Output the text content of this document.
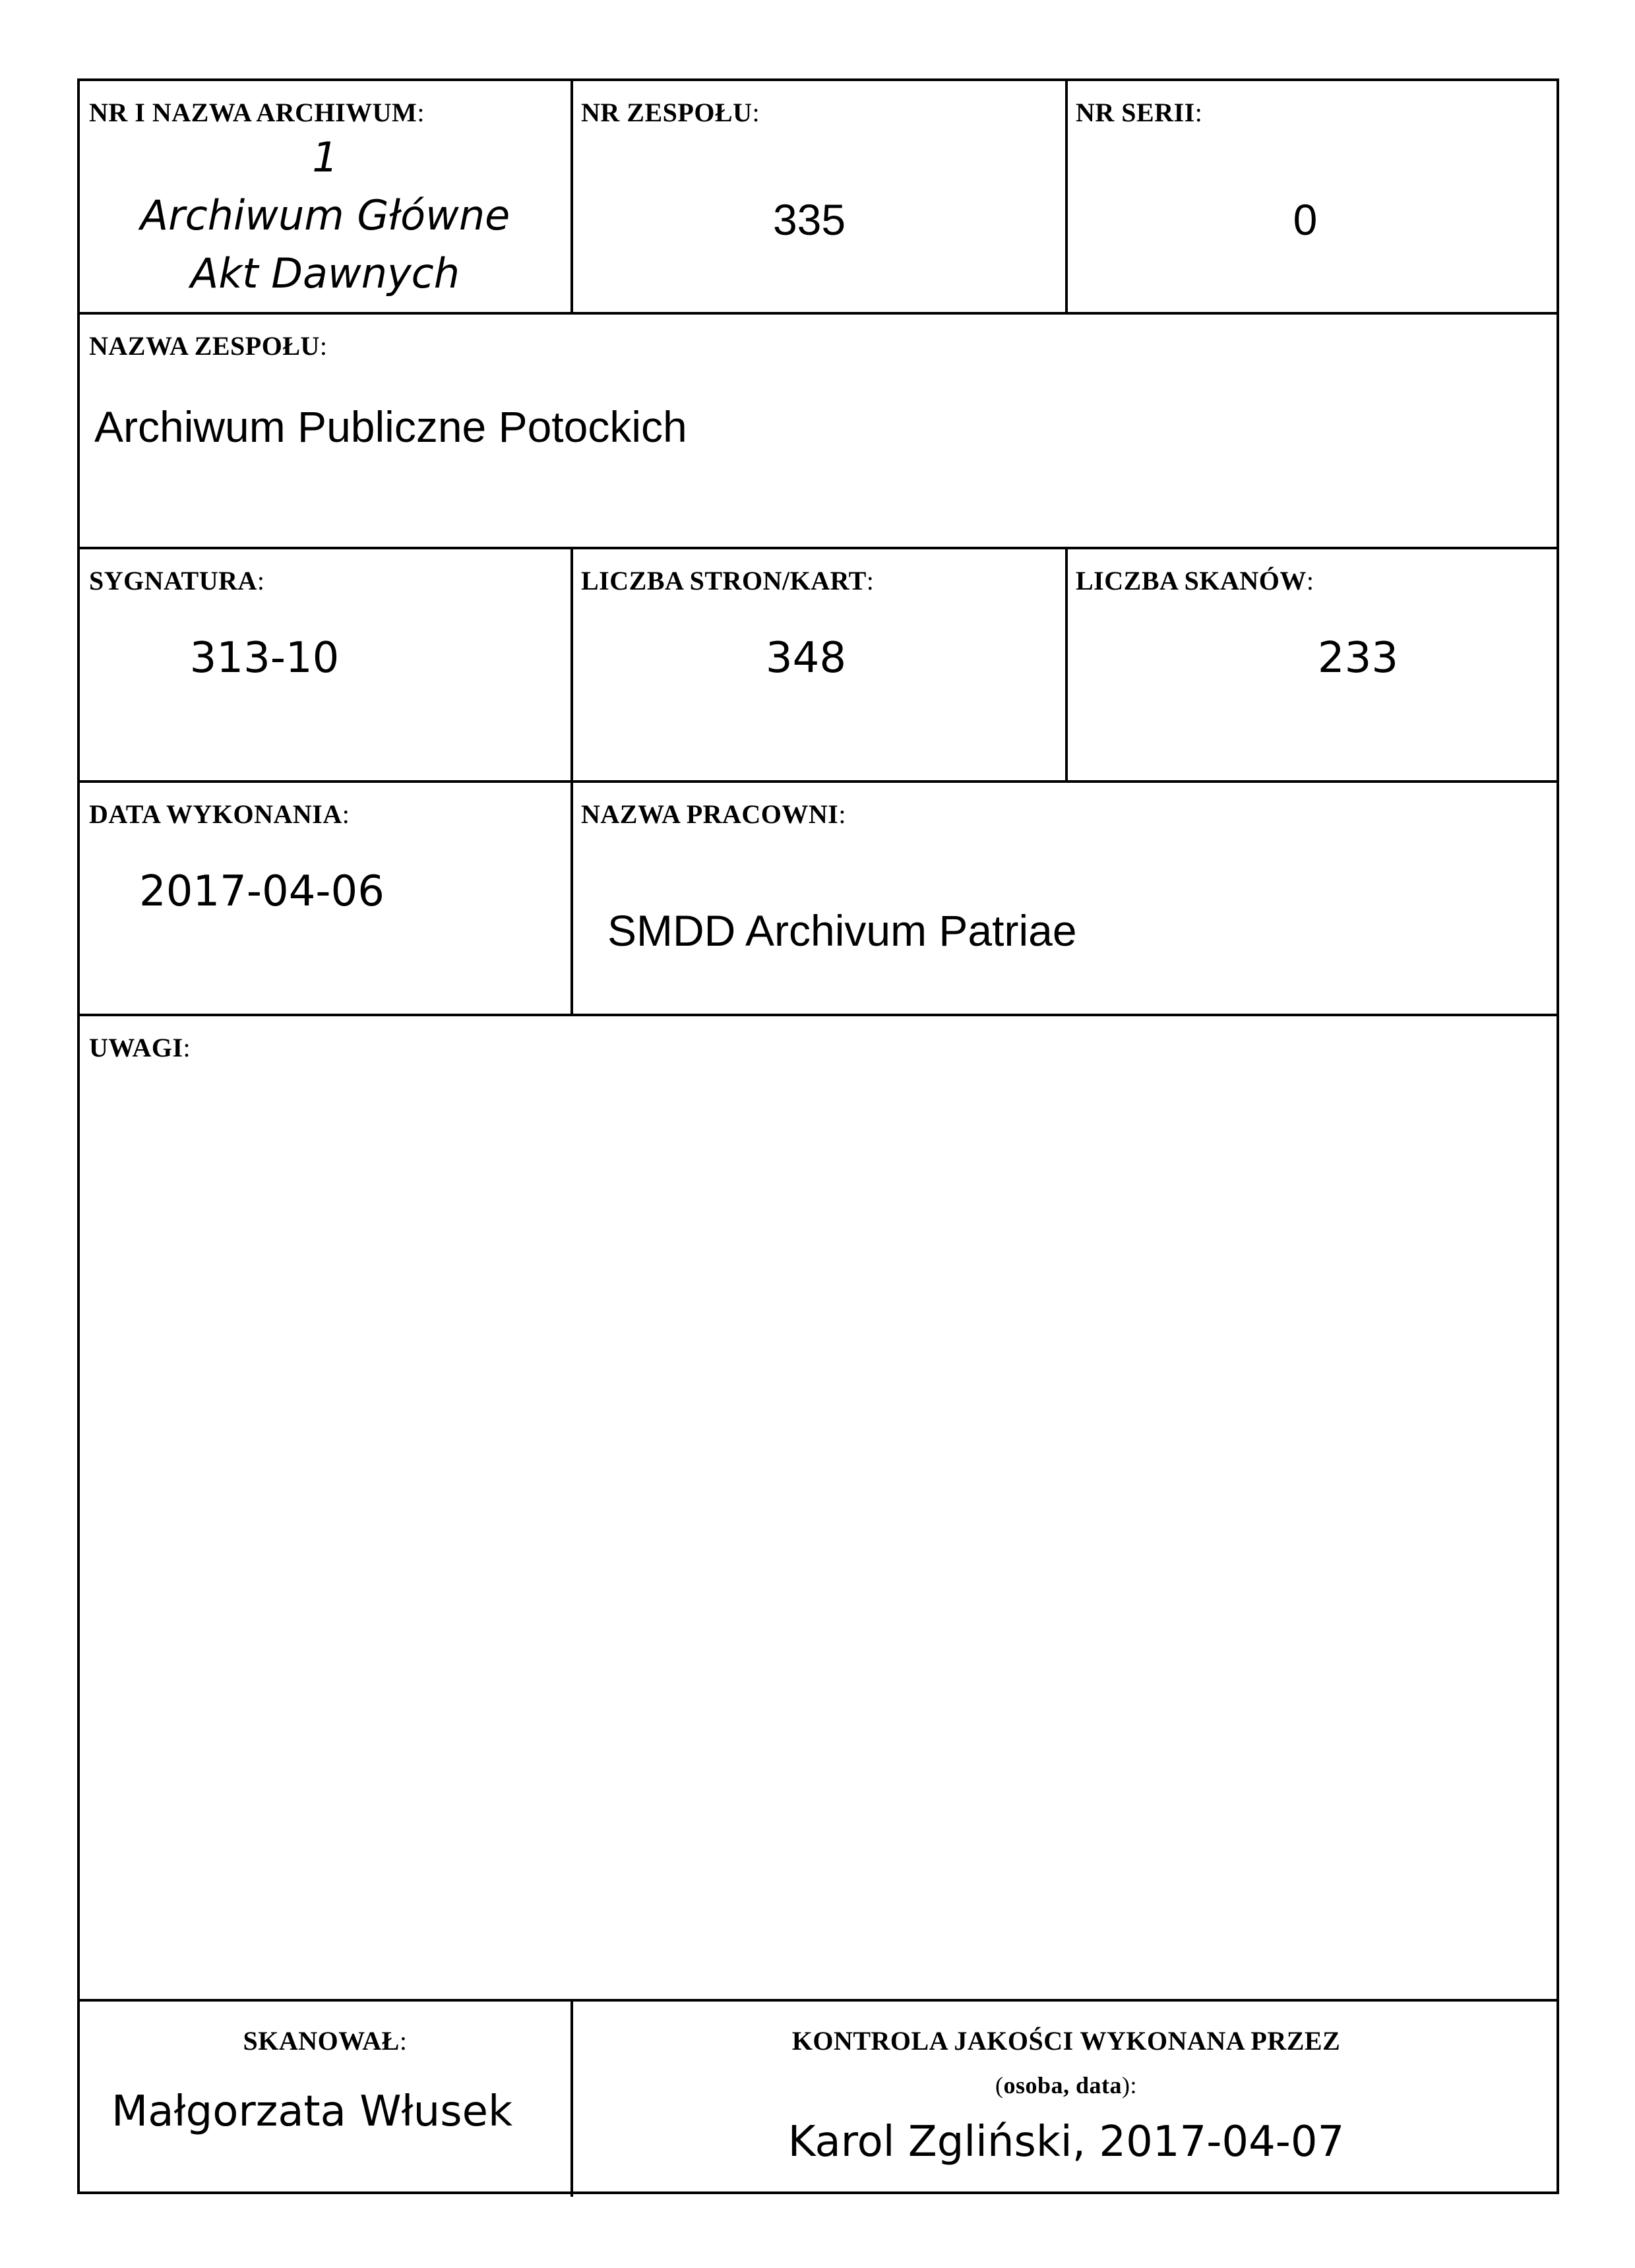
NR I NAZWA ARCHIWUM:
1
Archiwum Główne
Akt Dawnych
NR ZESPOŁU:
335
NR SERII:
0
NAZWA ZESPOŁU:
Archiwum Publiczne Potockich
SYGNATURA:
313-10
LICZBA STRON/KART:
348
LICZBA SKANÓW:
233
DATA WYKONANIA:
2017-04-06
NAZWA PRACOWNI:
SMDD Archivum Patriae
UWAGI:
SKANOWAŁ:
Małgorzata Włusek
KONTROLA JAKOŚCI WYKONANA PRZEZ
(osoba, data):
Karol Zgliński, 2017-04-07
